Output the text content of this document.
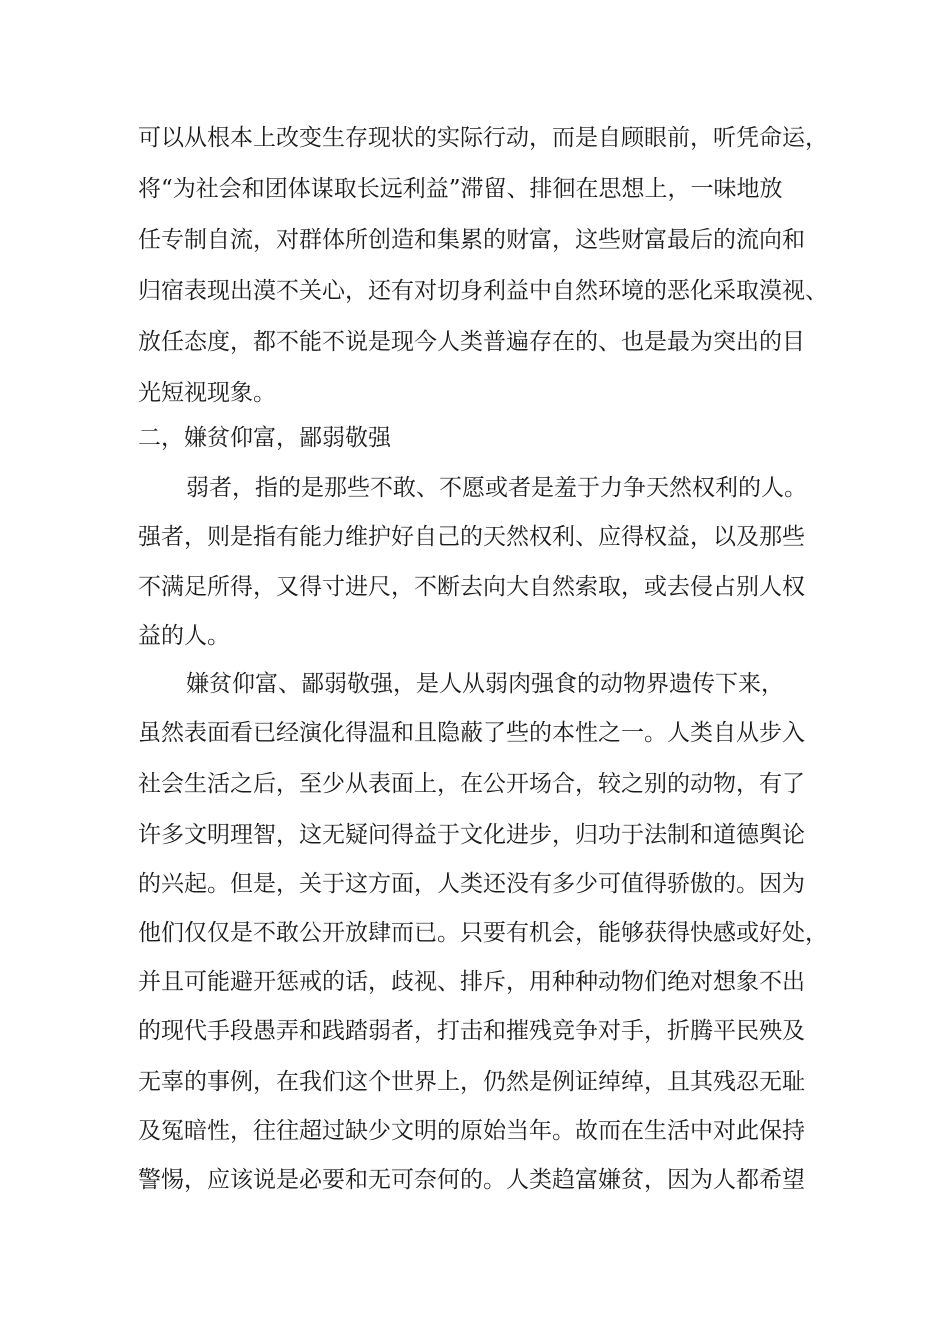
可以从根本上改变生存现状的实际行动，而是自顾眼前，听凭命运，

将“为社会和团体谋取长远利益”滞留、排徊在思想上，一味地放

任专制自流，对群体所创造和集累的财富，这些财富最后的流向和

归宿表现出漠不关心，还有对切身利益中自然环境的恶化采取漠视、

放任态度，都不能不说是现今人类普遍存在的、也是最为突出的目

光短视现象。

二，嫌贫仰富，鄙弱敬强

弱者，指的是那些不敢、不愿或者是羞于力争天然权利的人。

强者，则是指有能力维护好自己的天然权利、应得权益，以及那些

不满足所得，又得寸进尺，不断去向大自然索取，或去侵占别人权

益的人。

嫌贫仰富、鄙弱敬强，是人从弱肉强食的动物界遗传下来，

虽然表面看已经演化得温和且隐蔽了些的本性之一。人类自从步入

社会生活之后，至少从表面上，在公开场合，较之别的动物，有了

许多文明理智，这无疑问得益于文化进步，归功于法制和道德舆论

的兴起。但是，关于这方面，人类还没有多少可值得骄傲的。因为

他们仅仅是不敢公开放肆而已。只要有机会，能够获得快感或好处，

并且可能避开惩戒的话，歧视、排斥，用种种动物们绝对想象不出

的现代手段愚弄和践踏弱者，打击和摧残竞争对手，折腾平民殃及

无辜的事例，在我们这个世界上，仍然是例证绰绰，且其残忍无耻

及冤暗性，往往超过缺少文明的原始当年。故而在生活中对此保持

警惕，应该说是必要和无可奈何的。人类趋富嫌贫，因为人都希望
